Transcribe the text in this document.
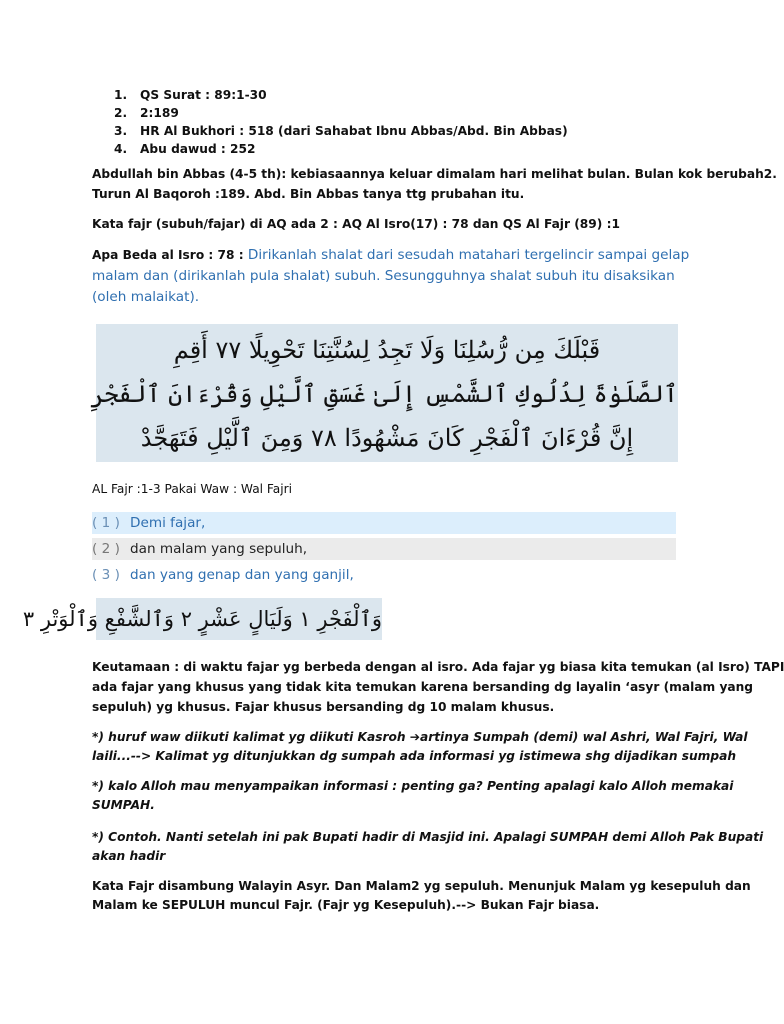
1. QS Surat : 89:1-30
2. 2:189
3. HR Al Bukhori : 518 (dari Sahabat Ibnu Abbas/Abd. Bin Abbas)
4. Abu dawud : 252
Abdullah bin Abbas (4-5 th): kebiasaannya keluar dimalam hari melihat bulan. Bulan kok berubah2.
Turun Al Baqoroh :189. Abd. Bin Abbas tanya ttg prubahan itu.
Kata fajr (subuh/fajar) di AQ ada 2 : AQ Al Isro(17) : 78 dan QS Al Fajr (89) :1
Apa Beda al Isro : 78 : Dirikanlah shalat dari sesudah matahari tergelincir sampai gelap
malam dan (dirikanlah pula shalat) subuh. Sesungguhnya shalat subuh itu disaksikan
(oleh malaikat).
قَبْلَكَ مِن رُّسُلِنَا وَلَا تَجِدُ لِسُنَّتِنَا تَحْوِيلًا ٧٧ أَقِمِ
ٱلصَّلَوٰةَ لِدُلُوكِ ٱلشَّمْسِ إِلَىٰ غَسَقِ ٱلَّيْلِ وَقُرْءَانَ ٱلْفَجْرِ
إِنَّ قُرْءَانَ ٱلْفَجْرِ كَانَ مَشْهُودًا ٧٨ وَمِنَ ٱلَّيْلِ فَتَهَجَّدْ
AL Fajr :1-3 Pakai Waw : Wal Fajri
( 1 ) Demi fajar,
( 2 ) dan malam yang sepuluh,
( 3 ) dan yang genap dan yang ganjil,
وَٱلْفَجْرِ ١ وَلَيَالٍ عَشْرٍ ٢ وَٱلشَّفْعِ وَٱلْوَتْرِ ٣
Keutamaan : di waktu fajar yg berbeda dengan al isro. Ada fajar yg biasa kita temukan (al Isro) TAPI
ada fajar yang khusus yang tidak kita temukan karena bersanding dg layalin ‘asyr (malam yang
sepuluh) yg khusus. Fajar khusus bersanding dg 10 malam khusus.
*) huruf waw diikuti kalimat yg diikuti Kasroh ➔artinya Sumpah (demi) wal Ashri, Wal Fajri, Wal
laili...--> Kalimat yg ditunjukkan dg sumpah ada informasi yg istimewa shg dijadikan sumpah
*) kalo Alloh mau menyampaikan informasi : penting ga? Penting apalagi kalo Alloh memakai
SUMPAH.
*) Contoh. Nanti setelah ini pak Bupati hadir di Masjid ini. Apalagi SUMPAH demi Alloh Pak Bupati
akan hadir
Kata Fajr disambung Walayin Asyr. Dan Malam2 yg sepuluh. Menunjuk Malam yg kesepuluh dan
Malam ke SEPULUH muncul Fajr. (Fajr yg Kesepuluh).--> Bukan Fajr biasa.
